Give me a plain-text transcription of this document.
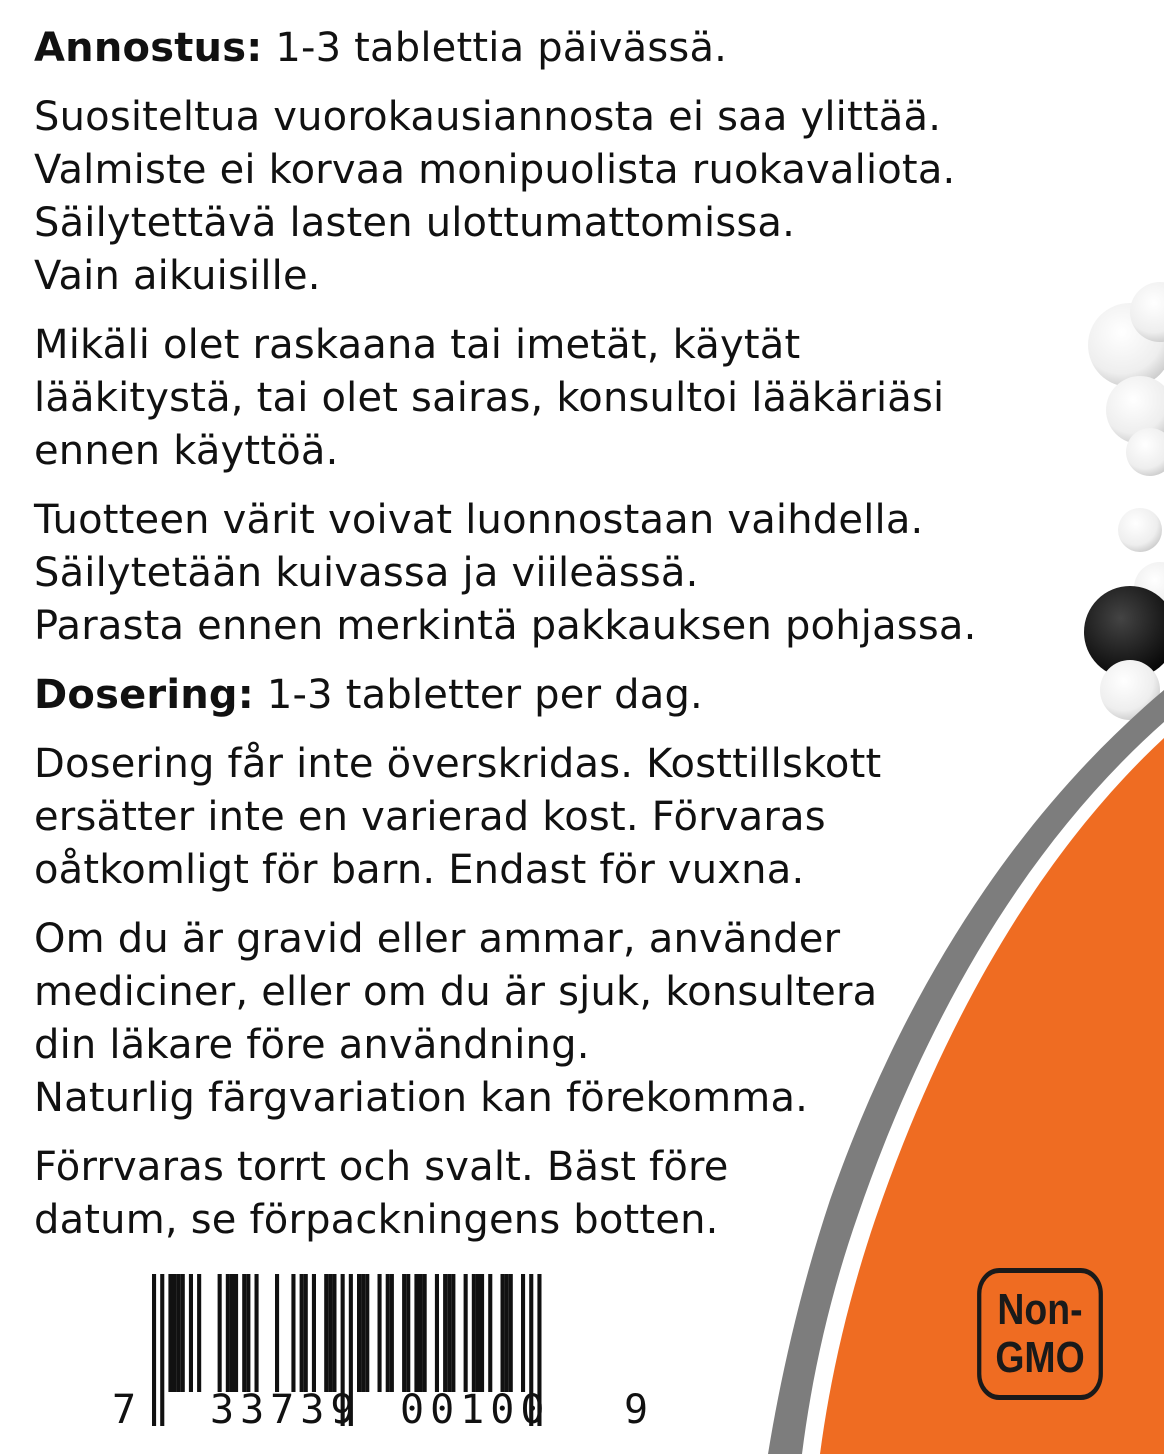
Annostus: 1-3 tablettia päivässä.

Suositeltua vuorokausiannosta ei saa ylittää.

Valmiste ei korvaa monipuolista ruokavaliota.

Säilytettävä lasten ulottumattomissa.

Vain aikuisille.

Mikäli olet raskaana tai imetät, käytät

lääkitystä, tai olet sairas, konsultoi lääkäriäsi

ennen käyttöä.

Tuotteen värit voivat luonnostaan vaihdella.

Säilytetään kuivassa ja viileässä.

Parasta ennen merkintä pakkauksen pohjassa.

Dosering: 1-3 tabletter per dag.

Dosering får inte överskridas. Kosttillskott

ersätter inte en varierad kost. Förvaras

oåtkomligt för barn. Endast för vuxna.

Om du är gravid eller ammar, använder

mediciner, eller om du är sjuk, konsultera

din läkare före användning.

Naturlig färgvariation kan förekomma.

Förrvaras torrt och svalt. Bäst före

datum, se förpackningens botten.

7 33739 00100 9
Non-
GMO
